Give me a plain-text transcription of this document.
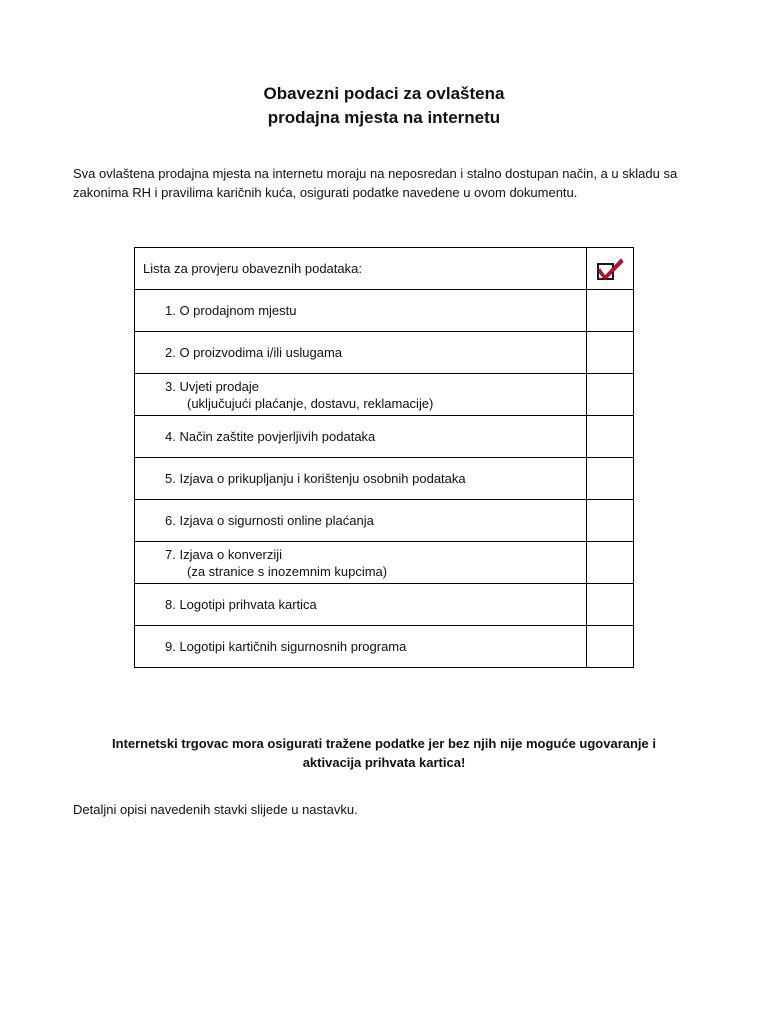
Obavezni podaci za ovlaštena
prodajna mjesta na internetu
Sva ovlaštena prodajna mjesta na internetu moraju na neposredan i stalno dostupan način, a u skladu sa
zakonima RH i pravilima karičnih kuća, osigurati podatke navedene u ovom dokumentu.
Lista za provjeru obaveznih podataka:	

1. O prodajnom mjestu	
2. O proizvodima i/ili uslugama	
3. Uvjeti prodaje
(uključujući plaćanje, dostavu, reklamacije)	

4. Način zaštite povjerljivih podataka	
5. Izjava o prikupljanju i korištenju osobnih podataka	
6. Izjava o sigurnosti online plaćanja	
7. Izjava o konverziji
(za stranice s inozemnim kupcima)	

8. Logotipi prihvata kartica	
9. Logotipi kartičnih sigurnosnih programa	
Internetski trgovac mora osigurati tražene podatke jer bez njih nije moguće ugovaranje i
aktivacija prihvata kartica!
Detaljni opisi navedenih stavki slijede u nastavku.
